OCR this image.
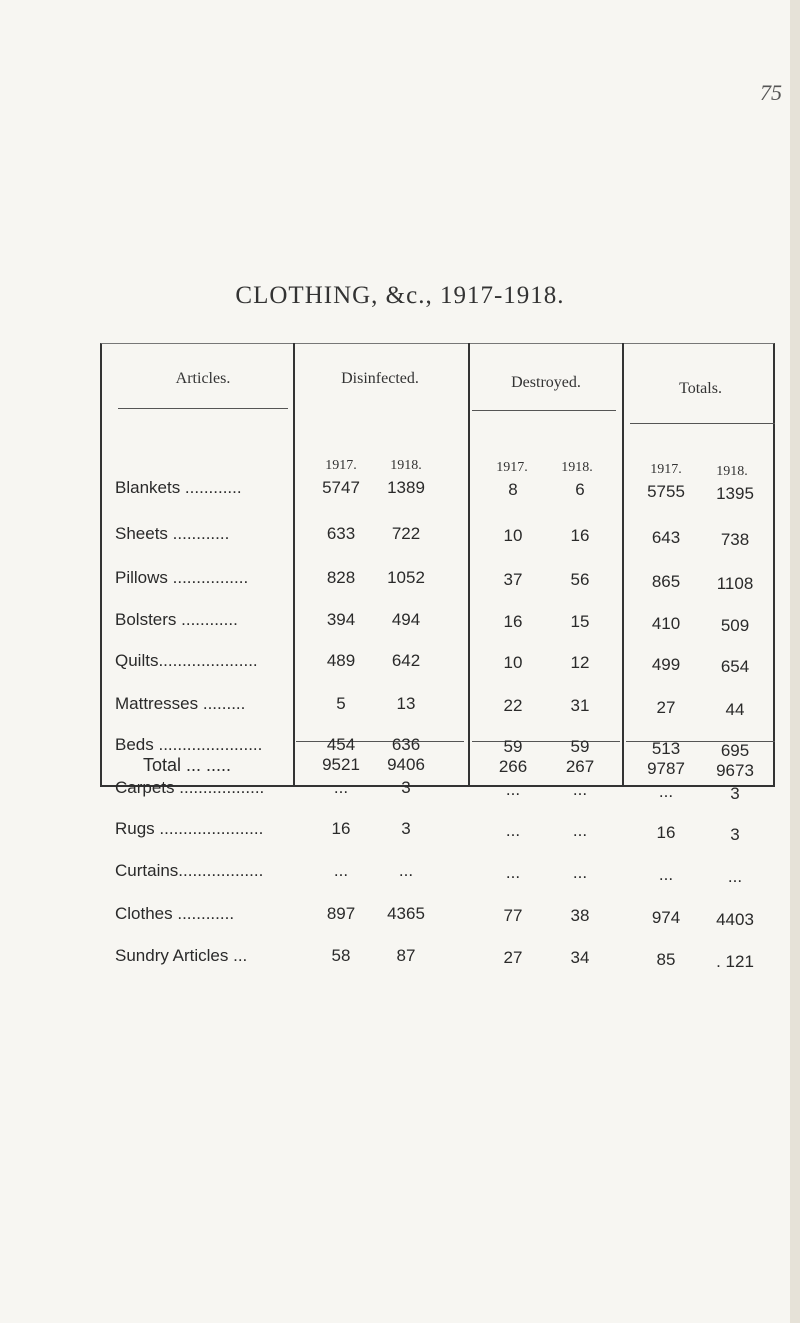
75
CLOTHING, &c., 1917-1918.
Articles.	Disinfected.	Destroyed.	Totals.
1917.	1918.	1917.	1918.	1917.	1918.
Blankets ............	5747	1389	8	6	5755	1395
Sheets ............	633	722	10	16	643	738
Pillows ................	828	1052	37	56	865	1108
Bolsters ............	394	494	16	15	410	509
Quilts.....................	489	642	10	12	499	654
Mattresses .........	5	13	22	31	27	44
Beds ......................	454	636	59	59	513	695
Carpets ..................	...	3	...	...	...	3
Rugs ......................	16	3	...	...	16	3
Curtains..................	...	...	...	...	...	...
Clothes ............	897	4365	77	38	974	4403
Sundry Articles ...	58	87	27	34	85	. 121
Total ... .....	9521	9406	266	267	9787	9673
